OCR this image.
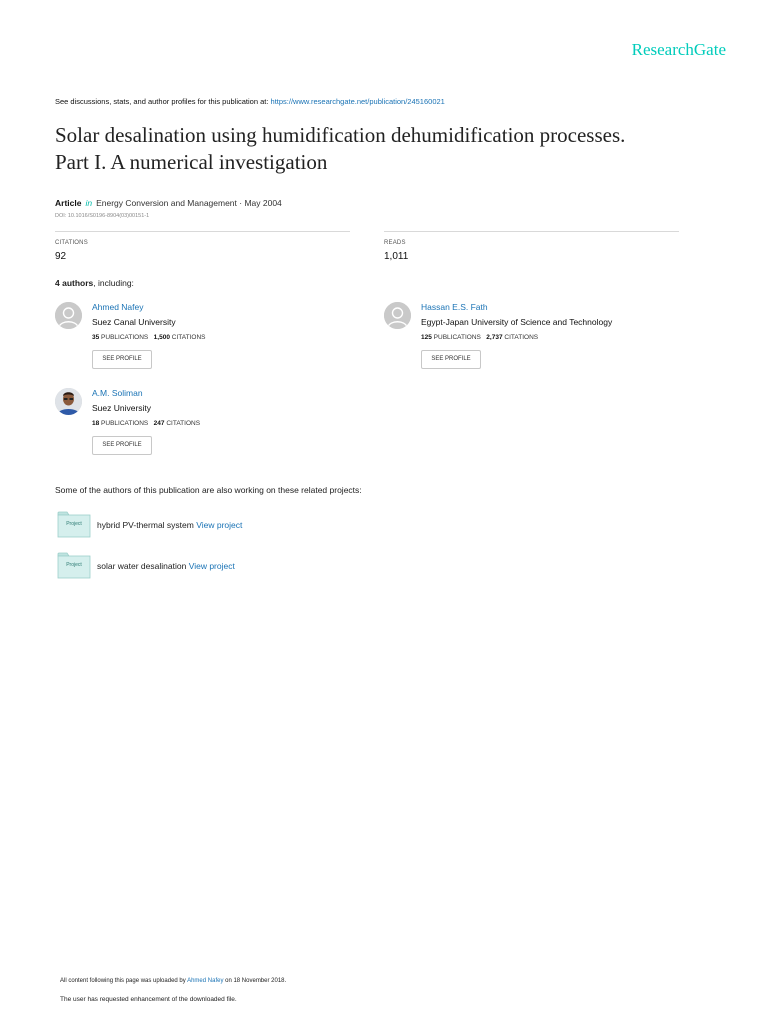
ResearchGate
See discussions, stats, and author profiles for this publication at: https://www.researchgate.net/publication/245160021
Solar desalination using humidification dehumidification processes.
Part I. A numerical investigation
Article in Energy Conversion and Management · May 2004
DOI: 10.1016/S0196-8904(03)00151-1
CITATIONS
92
READS
1,011
4 authors, including:
Ahmed Nafey
Suez Canal University
35 PUBLICATIONS 1,500 CITATIONS
SEE PROFILE
Hassan E.S. Fath
Egypt-Japan University of Science and Technology
125 PUBLICATIONS 2,737 CITATIONS
SEE PROFILE
A.M. Soliman
Suez University
18 PUBLICATIONS 247 CITATIONS
SEE PROFILE
Some of the authors of this publication are also working on these related projects:
Project	hybrid PV-thermal system View project
Project	solar water desalination View project
All content following this page was uploaded by Ahmed Nafey on 18 November 2018.
The user has requested enhancement of the downloaded file.
